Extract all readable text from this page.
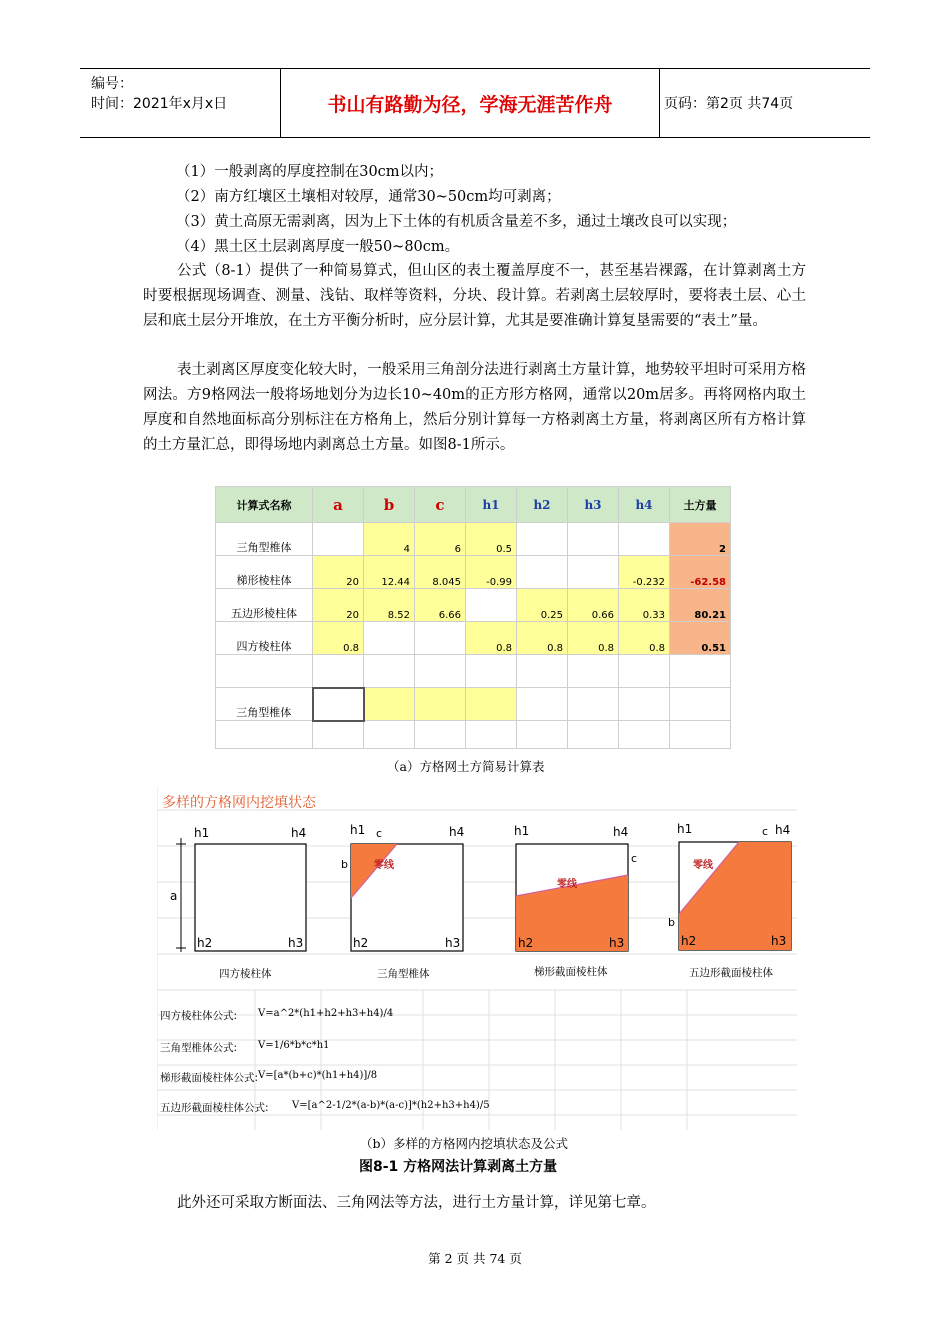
编号：
时间：2021年x月x日	书山有路勤为径，学海无涯苦作舟	页码：第2页 共74页
（1）一般剥离的厚度控制在30cm以内；
（2）南方红壤区土壤相对较厚，通常30~50cm均可剥离；
（3）黄土高原无需剥离，因为上下土体的有机质含量差不多，通过土壤改良可以实现；
（4）黑土区土层剥离厚度一般50~80cm。
公式（8-1）提供了一种简易算式，但山区的表土覆盖厚度不一，甚至基岩裸露，在计算剥离土方时要根据现场调查、测量、浅钻、取样等资料，分块、段计算。若剥离土层较厚时，要将表土层、心土层和底土层分开堆放，在土方平衡分析时，应分层计算，尤其是要准确计算复垦需要的“表土”量。
表土剥离区厚度变化较大时，一般采用三角剖分法进行剥离土方量计算，地势较平坦时可采用方格网法。方9格网法一般将场地划分为边长10~40m的正方形方格网，通常以20m居多。再将网格内取土厚度和自然地面标高分别标注在方格角上，然后分别计算每一方格剥离土方量，将剥离区所有方格计算的土方量汇总，即得场地内剥离总土方量。如图8-1所示。
计算式名称	a	b	c	h1	h2	h3	h4	土方量
三角型椎体		4	6	0.5				2
梯形棱柱体	20	12.44	8.045	-0.99			-0.232	-62.58
五边形棱柱体	20	8.52	6.66		0.25	0.66	0.33	80.21
四方棱柱体	0.8			0.8	0.8	0.8	0.8	0.51

三角型椎体								

（a）方格网土方简易计算表
多样的方格网内挖填状态
h1	h4
h2	h3
a
h1 c	h4
b	零线
h2	h3
h1	h4
c
零线
h2	h3
h1	c h4
零线
b
h2	h3
四方棱柱体	三角型椎体	梯形截面棱柱体	五边形截面棱柱体
四方棱柱体公式: V=a^2*(h1+h2+h3+h4)/4
三角型椎体公式: V=1/6*b*c*h1
梯形截面棱柱体公式: V=[a*(b+c)*(h1+h4)]/8
五边形截面棱柱体公式: V=[a^2-1/2*(a-b)*(a-c)]*(h2+h3+h4)/5
（b）多样的方格网内挖填状态及公式
图8-1 方格网法计算剥离土方量
此外还可采取方断面法、三角网法等方法，进行土方量计算，详见第七章。
第 2 页 共 74 页
